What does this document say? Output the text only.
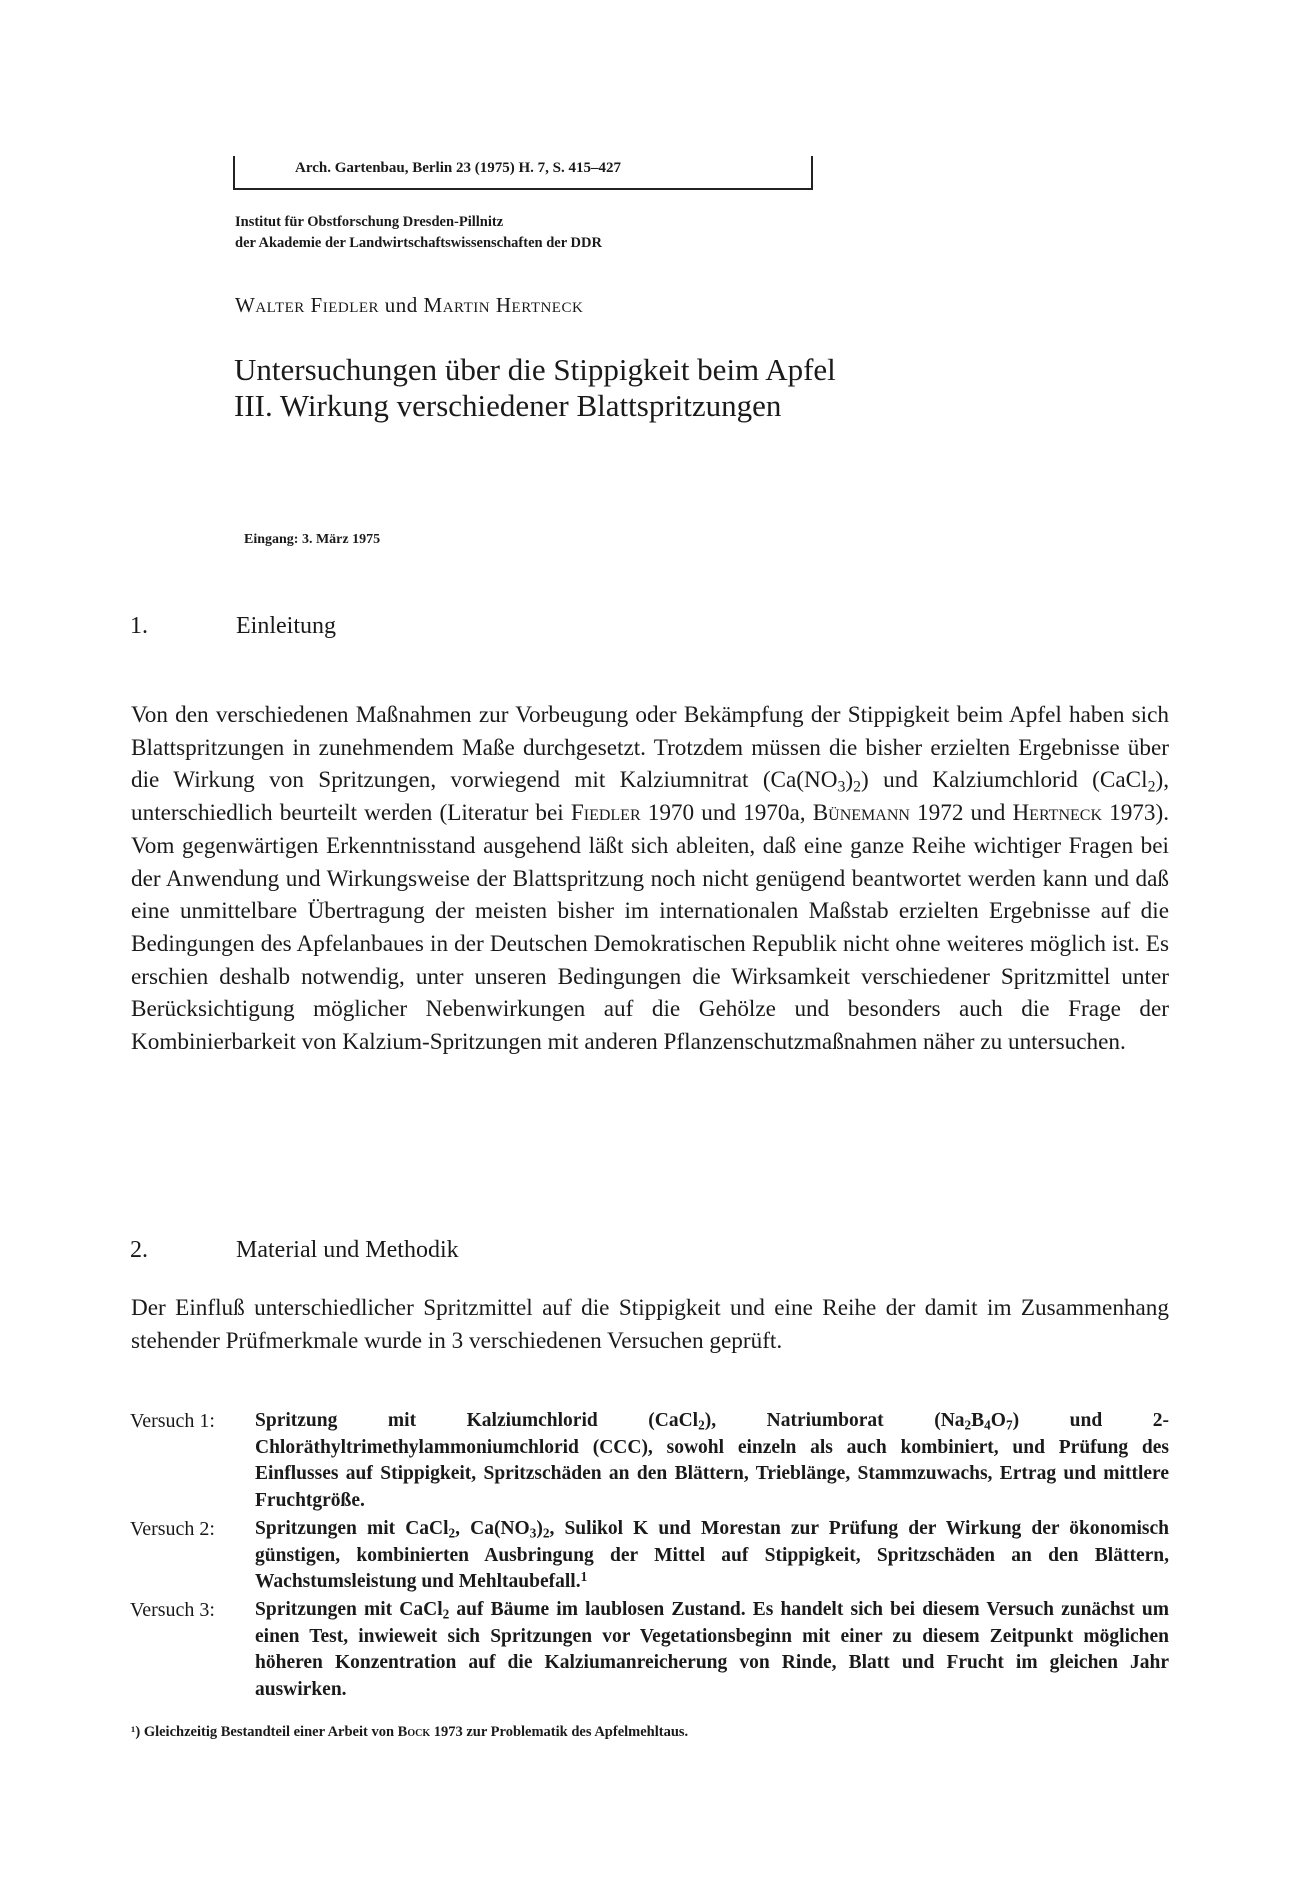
Arch. Gartenbau, Berlin 23 (1975) H. 7, S. 415–427
Institut für Obstforschung Dresden-Pillnitz
der Akademie der Landwirtschaftswissenschaften der DDR
Walter Fiedler und Martin Hertneck
Untersuchungen über die Stippigkeit beim Apfel
III. Wirkung verschiedener Blattspritzungen
Eingang: 3. März 1975
1.	Einleitung
Von den verschiedenen Maßnahmen zur Vorbeugung oder Bekämpfung der Stippigkeit beim Apfel haben sich Blattspritzungen in zunehmendem Maße durchgesetzt. Trotzdem müssen die bisher erzielten Ergebnisse über die Wirkung von Spritzungen, vorwiegend mit Kalziumnitrat $(Ca(NO_3)_2)$ und Kalziumchlorid (CaCl$_2$), unterschiedlich beurteilt werden (Literatur bei Fiedler 1970 und 1970a, Bünemann 1972 und Hertneck 1973). Vom gegenwärtigen Erkenntnisstand ausgehend läßt sich ableiten, daß eine ganze Reihe wichtiger Fragen bei der Anwendung und Wirkungsweise der Blattspritzung noch nicht genügend beantwortet werden kann und daß eine unmittelbare Übertragung der meisten bisher im internationalen Maßstab erzielten Ergebnisse auf die Bedingungen des Apfelanbaues in der Deutschen Demokratischen Republik nicht ohne weiteres möglich ist. Es erschien deshalb notwendig, unter unseren Bedingungen die Wirksamkeit verschiedener Spritzmittel unter Berücksichtigung möglicher Nebenwirkungen auf die Gehölze und besonders auch die Frage der Kombinierbarkeit von Kalzium-Spritzungen mit anderen Pflanzenschutzmaßnahmen näher zu untersuchen.
2.	Material und Methodik
Der Einfluß unterschiedlicher Spritzmittel auf die Stippigkeit und eine Reihe der damit im Zusammenhang stehender Prüfmerkmale wurde in 3 verschiedenen Versuchen geprüft.
Versuch 1: Spritzung mit Kalziumchlorid (CaCl$_2$), Natriumborat $(Na_2B_4O_7)$ und 2-Chloräthyltrimethylammoniumchlorid (CCC), sowohl einzeln als auch kombiniert, und Prüfung des Einflusses auf Stippigkeit, Spritzschäden an den Blättern, Trieblänge, Stammzuwachs, Ertrag und mittlere Fruchtgröße.
Versuch 2: Spritzungen mit CaCl$_2$, $Ca(NO_3)_2$, Sulikol K und Morestan zur Prüfung der Wirkung der ökonomisch günstigen, kombinierten Ausbringung der Mittel auf Stippigkeit, Spritzschäden an den Blättern, Wachstumsleistung und Mehltaubefall.$^1$
Versuch 3: Spritzungen mit CaCl$_2$ auf Bäume im laublosen Zustand. Es handelt sich bei diesem Versuch zunächst um einen Test, inwieweit sich Spritzungen vor Vegetationsbeginn mit einer zu diesem Zeitpunkt möglichen höheren Konzentration auf die Kalziumanreicherung von Rinde, Blatt und Frucht im gleichen Jahr auswirken.
¹) Gleichzeitig Bestandteil einer Arbeit von Bock 1973 zur Problematik des Apfelmehltaus.
